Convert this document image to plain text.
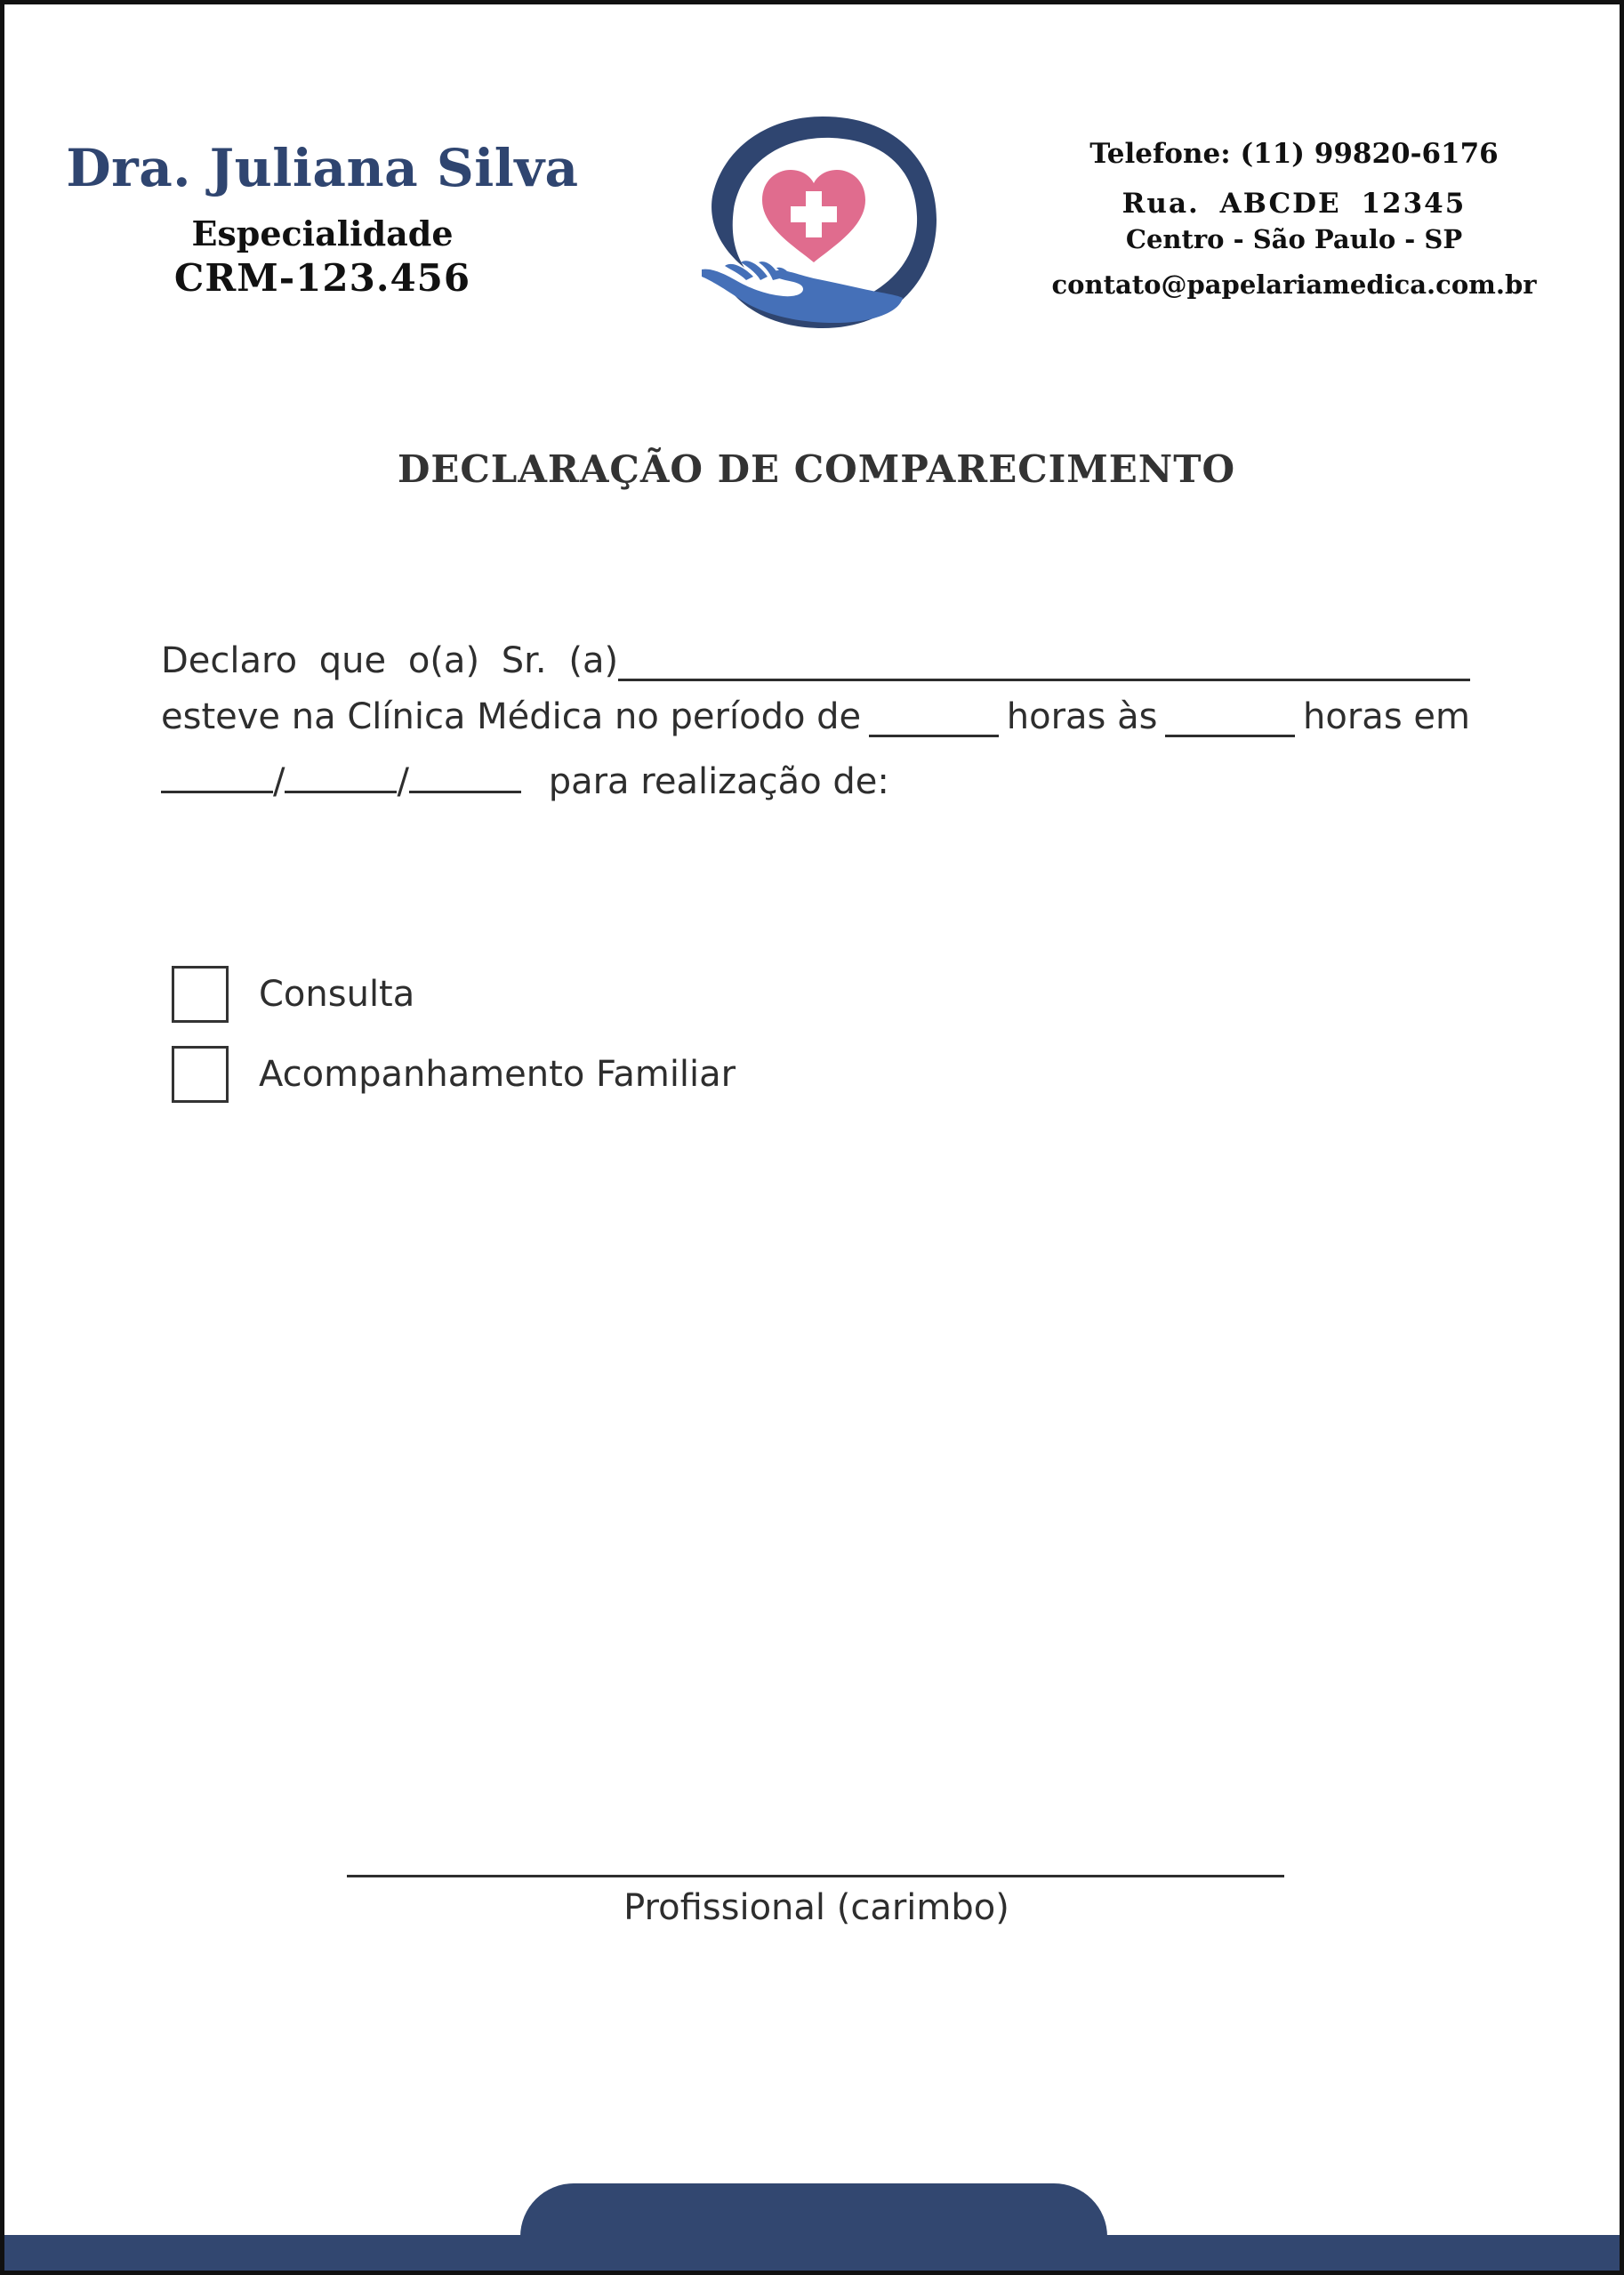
Dra. Juliana Silva
Especialidade
CRM-123.456
Telefone: (11) 99820-6176
Rua. ABCDE 12345
Centro - São Paulo - SP
contato@papelariamedica.com.br
DECLARAÇÃO DE COMPARECIMENTO
Declaro que o(a) Sr. (a)
esteve na Clínica Médica no período de	horas às	horas em
/	/	para realização de:
Consulta
Acompanhamento Familiar
Profissional (carimbo)
